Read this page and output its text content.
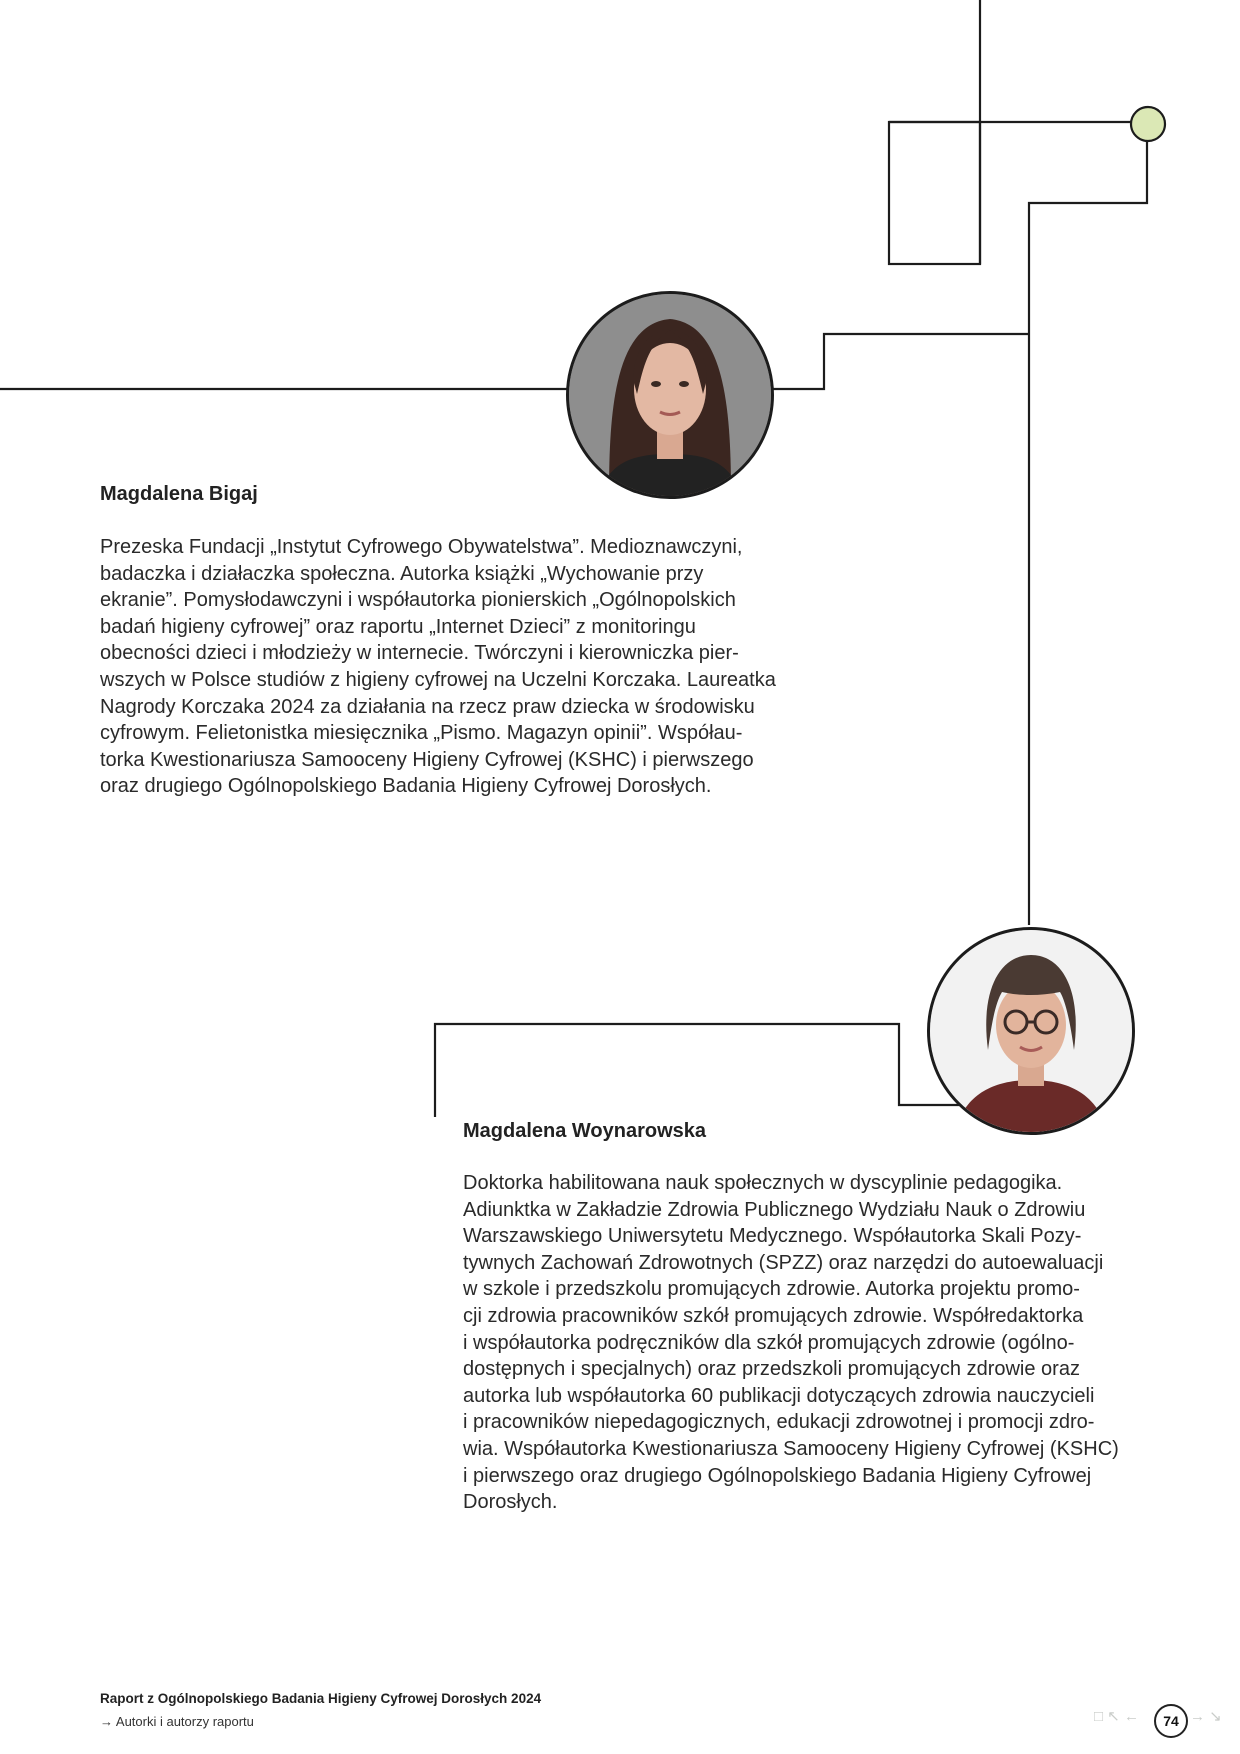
Magdalena Bigaj
Prezeska Fundacji „Instytut Cyfrowego Obywatelstwa”. Medioznawczyni,
badaczka i działaczka społeczna. Autorka książki „Wychowanie przy
ekranie”. Pomysłodawczyni i współautorka pionierskich „Ogólnopolskich
badań higieny cyfrowej” oraz raportu „Internet Dzieci” z monitoringu
obecności dzieci i młodzieży w internecie. Twórczyni i kierowniczka pier-
wszych w Polsce studiów z higieny cyfrowej na Uczelni Korczaka. Laureatka
Nagrody Korczaka 2024 za działania na rzecz praw dziecka w środowisku
cyfrowym. Felietonistka miesięcznika „Pismo. Magazyn opinii”. Współau-
torka Kwestionariusza Samooceny Higieny Cyfrowej (KSHC) i pierwszego
oraz drugiego Ogólnopolskiego Badania Higieny Cyfrowej Dorosłych.
Magdalena Woynarowska
Doktorka habilitowana nauk społecznych w dyscyplinie pedagogika.
Adiunktka w Zakładzie Zdrowia Publicznego Wydziału Nauk o Zdrowiu
Warszawskiego Uniwersytetu Medycznego. Współautorka Skali Pozy-
tywnych Zachowań Zdrowotnych (SPZZ) oraz narzędzi do autoewaluacji
w szkole i przedszkolu promujących zdrowie. Autorka projektu promo-
cji zdrowia pracowników szkół promujących zdrowie. Współredaktorka
i współautorka podręczników dla szkół promujących zdrowie (ogólno-
dostępnych i specjalnych) oraz przedszkoli promujących zdrowie oraz
autorka lub współautorka 60 publikacji dotyczących zdrowia nauczycieli
i pracowników niepedagogicznych, edukacji zdrowotnej i promocji zdro-
wia. Współautorka Kwestionariusza Samooceny Higieny Cyfrowej (KSHC)
i pierwszego oraz drugiego Ogólnopolskiego Badania Higieny Cyfrowej
Dorosłych.
Raport z Ogólnopolskiego Badania Higieny Cyfrowej Dorosłych 2024
→ Autorki i autorzy raportu	□ ↖ ←	74 → ↘
